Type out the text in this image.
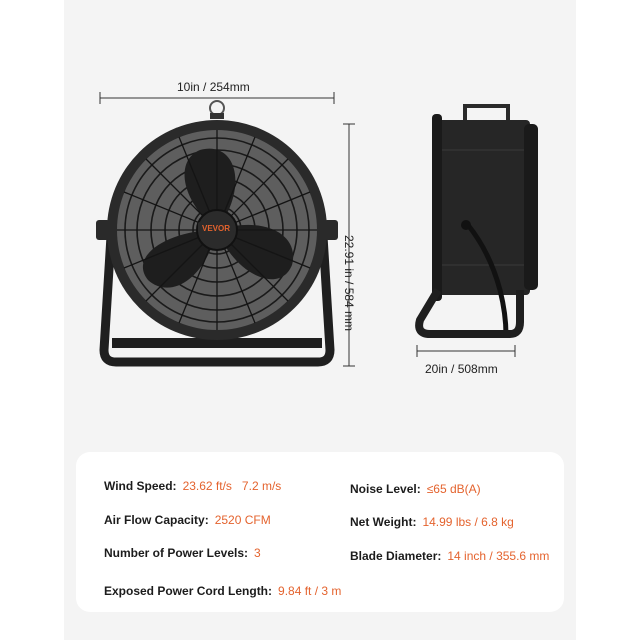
VEVOR
10in / 254mm
22.91 in / 584 mm
20in / 508mm
Wind Speed: 23.62 ft/s   7.2 m/s
Air Flow Capacity: 2520 CFM
Number of Power Levels: 3
Exposed Power Cord Length: 9.84 ft / 3 m
Noise Level: ≤65 dB(A)
Net Weight: 14.99 lbs / 6.8 kg
Blade Diameter: 14 inch / 355.6 mm
